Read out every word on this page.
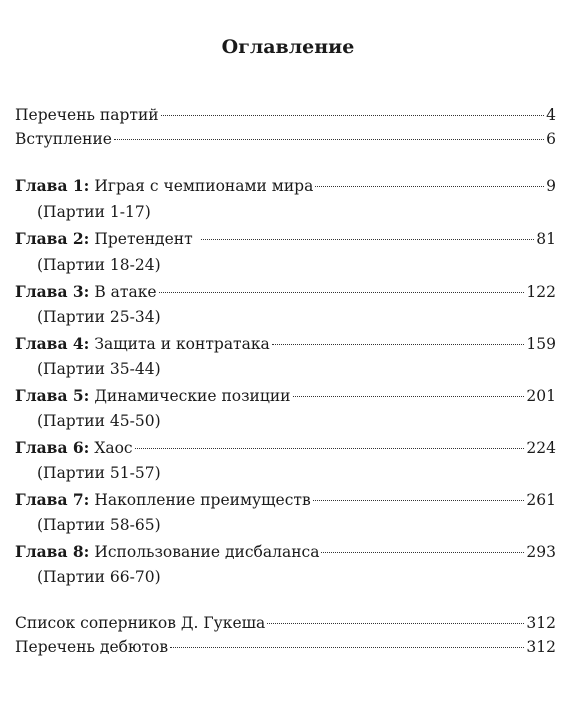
Оглавление
Перечень партий	4
Вступление	6
Глава 1: Играя с чемпионами мира	9
(Партии 1-17)
Глава 2: Претендент	81
(Партии 18-24)
Глава 3: В атаке	122
(Партии 25-34)
Глава 4: Защита и контратака	159
(Партии 35-44)
Глава 5: Динамические позиции	201
(Партии 45-50)
Глава 6: Хаос	224
(Партии 51-57)
Глава 7: Накопление преимуществ	261
(Партии 58-65)
Глава 8: Использование дисбаланса	293
(Партии 66-70)
Список соперников Д. Гукеша	312
Перечень дебютов	312
